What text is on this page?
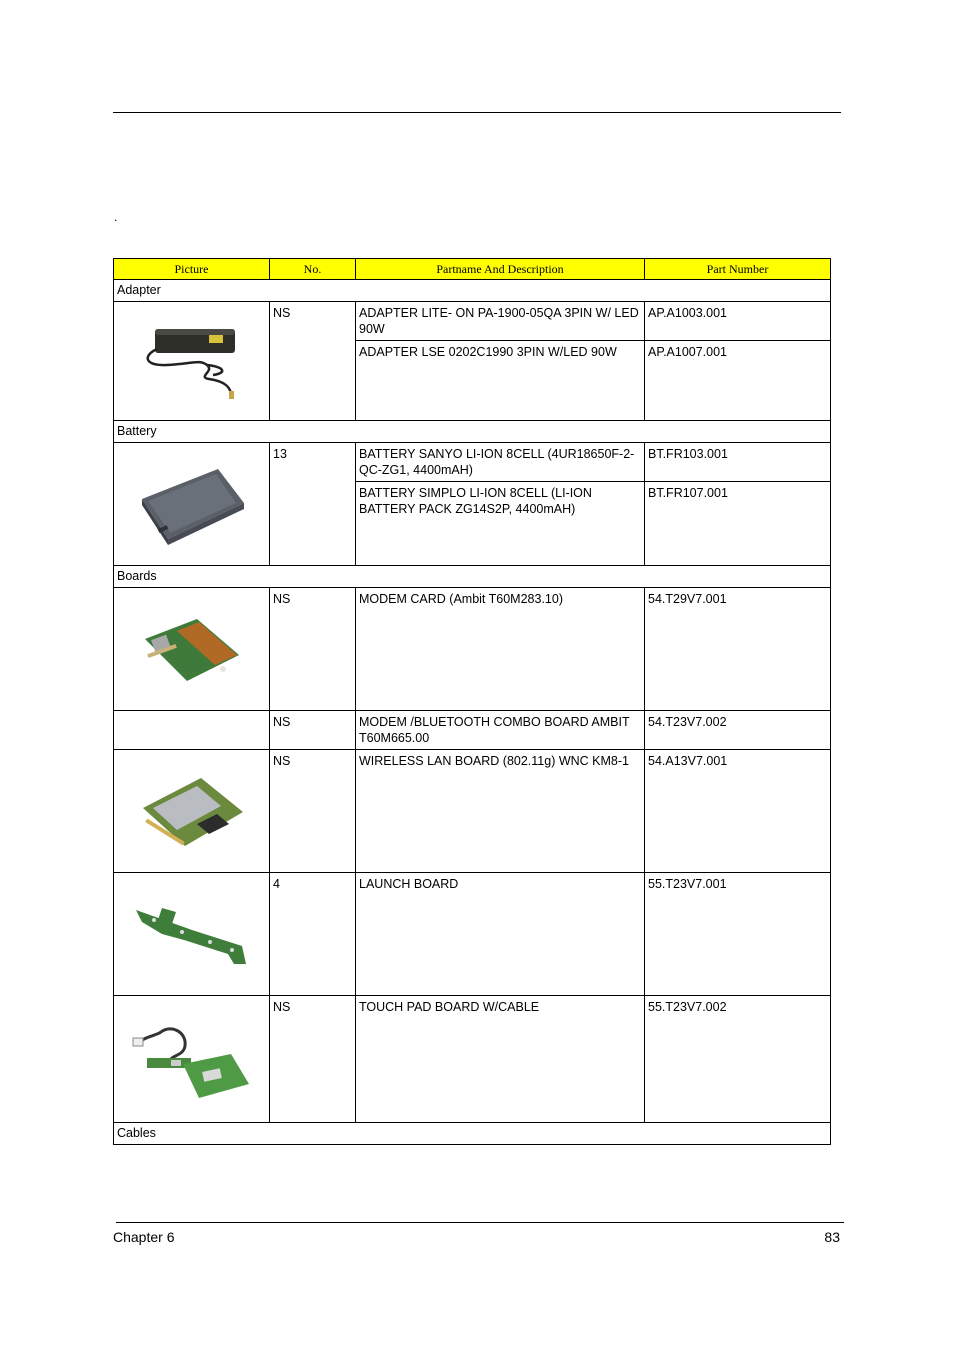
.
Picture	No.	Partname And Description	Part Number
Adapter			

	NS	ADAPTER LITE- ON PA-1900-05QA 3PIN W/ LED 90W	AP.A1003.001
		ADAPTER LSE 0202C1990 3PIN W/LED 90W	AP.A1007.001
Battery			

	13	BATTERY SANYO LI-ION 8CELL (4UR18650F-2-QC-ZG1, 4400mAH)	BT.FR103.001
		BATTERY SIMPLO LI-ION 8CELL (LI-ION BATTERY PACK ZG14S2P, 4400mAH)	BT.FR107.001
Boards			

	NS	MODEM CARD (Ambit T60M283.10)	54.T29V7.001
	NS	MODEM /BLUETOOTH COMBO BOARD AMBIT T60M665.00	54.T23V7.002

	NS	WIRELESS LAN BOARD (802.11g) WNC KM8-1	54.A13V7.001

	4	LAUNCH BOARD	55.T23V7.001

	NS	TOUCH PAD BOARD W/CABLE	55.T23V7.002
Cables			
Chapter 6	83
